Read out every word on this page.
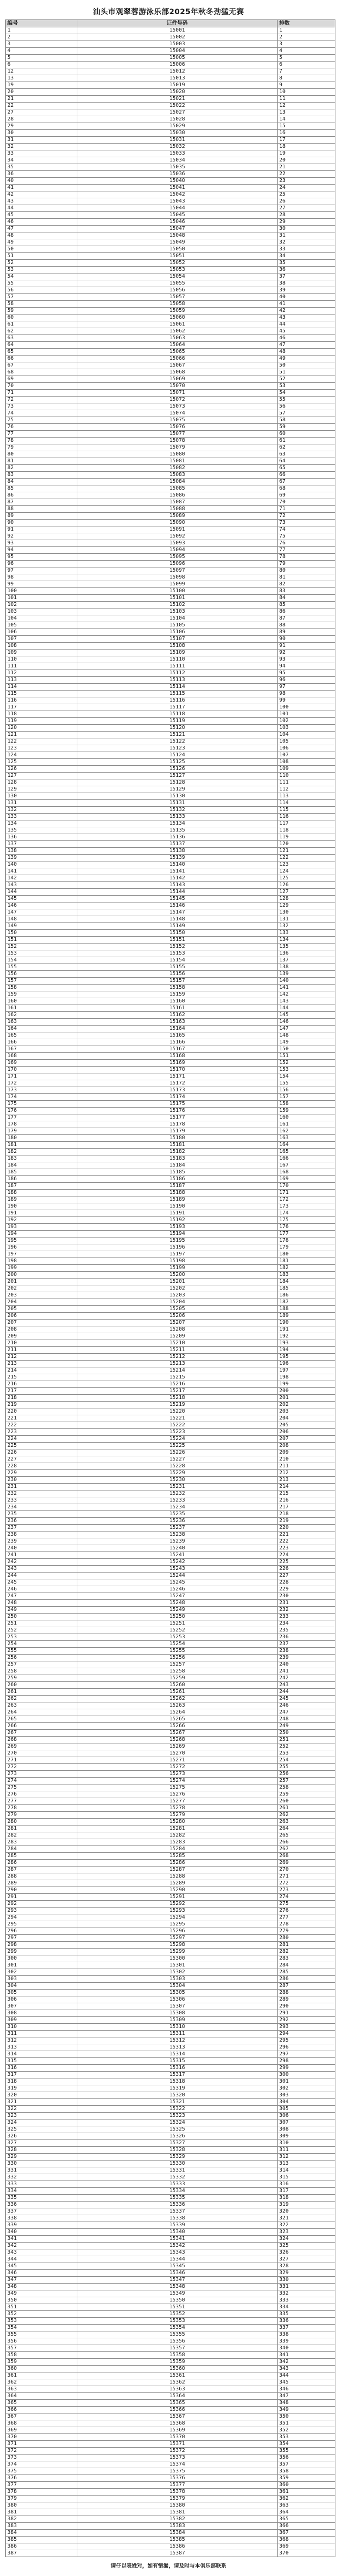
汕头市观翠蓉游泳乐部2025年秋冬劲猛无赛
编号	证件号码	排数
1	15001	1
2	15002	2
3	15003	3
4	15004	4
5	15005	5
6	15006	6
12	15012	7
13	15013	8
19	15019	9
20	15020	10
21	15021	11
22	15022	12
27	15027	13
28	15028	14
29	15029	15
30	15030	16
31	15031	17
32	15032	18
33	15033	19
34	15034	20
35	15035	21
36	15036	22
40	15040	23
41	15041	24
42	15042	25
43	15043	26
44	15044	27
45	15045	28
46	15046	29
47	15047	30
48	15048	31
49	15049	32
50	15050	33
51	15051	34
52	15052	35
53	15053	36
54	15054	37
55	15055	38
56	15056	39
57	15057	40
58	15058	41
59	15059	42
60	15060	43
61	15061	44
62	15062	45
63	15063	46
64	15064	47
65	15065	48
66	15066	49
67	15067	50
68	15068	51
69	15069	52
70	15070	53
71	15071	54
72	15072	55
73	15073	56
74	15074	57
75	15075	58
76	15076	59
77	15077	60
78	15078	61
79	15079	62
80	15080	63
81	15081	64
82	15082	65
83	15083	66
84	15084	67
85	15085	68
86	15086	69
87	15087	70
88	15088	71
89	15089	72
90	15090	73
91	15091	74
92	15092	75
93	15093	76
94	15094	77
95	15095	78
96	15096	79
97	15097	80
98	15098	81
99	15099	82
100	15100	83
101	15101	84
102	15102	85
103	15103	86
104	15104	87
105	15105	88
106	15106	89
107	15107	90
108	15108	91
109	15109	92
110	15110	93
111	15111	94
112	15112	95
113	15113	96
114	15114	97
115	15115	98
116	15116	99
117	15117	100
118	15118	101
119	15119	102
120	15120	103
121	15121	104
122	15122	105
123	15123	106
124	15124	107
125	15125	108
126	15126	109
127	15127	110
128	15128	111
129	15129	112
130	15130	113
131	15131	114
132	15132	115
133	15133	116
134	15134	117
135	15135	118
136	15136	119
137	15137	120
138	15138	121
139	15139	122
140	15140	123
141	15141	124
142	15142	125
143	15143	126
144	15144	127
145	15145	128
146	15146	129
147	15147	130
148	15148	131
149	15149	132
150	15150	133
151	15151	134
152	15152	135
153	15153	136
154	15154	137
155	15155	138
156	15156	139
157	15157	140
158	15158	141
159	15159	142
160	15160	143
161	15161	144
162	15162	145
163	15163	146
164	15164	147
165	15165	148
166	15166	149
167	15167	150
168	15168	151
169	15169	152
170	15170	153
171	15171	154
172	15172	155
173	15173	156
174	15174	157
175	15175	158
176	15176	159
177	15177	160
178	15178	161
179	15179	162
180	15180	163
181	15181	164
182	15182	165
183	15183	166
184	15184	167
185	15185	168
186	15186	169
187	15187	170
188	15188	171
189	15189	172
190	15190	173
191	15191	174
192	15192	175
193	15193	176
194	15194	177
195	15195	178
196	15196	179
197	15197	180
198	15198	181
199	15199	182
200	15200	183
201	15201	184
202	15202	185
203	15203	186
204	15204	187
205	15205	188
206	15206	189
207	15207	190
208	15208	191
209	15209	192
210	15210	193
211	15211	194
212	15212	195
213	15213	196
214	15214	197
215	15215	198
216	15216	199
217	15217	200
218	15218	201
219	15219	202
220	15220	203
221	15221	204
222	15222	205
223	15223	206
224	15224	207
225	15225	208
226	15226	209
227	15227	210
228	15228	211
229	15229	212
230	15230	213
231	15231	214
232	15232	215
233	15233	216
234	15234	217
235	15235	218
236	15236	219
237	15237	220
238	15238	221
239	15239	222
240	15240	223
241	15241	224
242	15242	225
243	15243	226
244	15244	227
245	15245	228
246	15246	229
247	15247	230
248	15248	231
249	15249	232
250	15250	233
251	15251	234
252	15252	235
253	15253	236
254	15254	237
255	15255	238
256	15256	239
257	15257	240
258	15258	241
259	15259	242
260	15260	243
261	15261	244
262	15262	245
263	15263	246
264	15264	247
265	15265	248
266	15266	249
267	15267	250
268	15268	251
269	15269	252
270	15270	253
271	15271	254
272	15272	255
273	15273	256
274	15274	257
275	15275	258
276	15276	259
277	15277	260
278	15278	261
279	15279	262
280	15280	263
281	15281	264
282	15282	265
283	15283	266
284	15284	267
285	15285	268
286	15286	269
287	15287	270
288	15288	271
289	15289	272
290	15290	273
291	15291	274
292	15292	275
293	15293	276
294	15294	277
295	15295	278
296	15296	279
297	15297	280
298	15298	281
299	15299	282
300	15300	283
301	15301	284
302	15302	285
303	15303	286
304	15304	287
305	15305	288
306	15306	289
307	15307	290
308	15308	291
309	15309	292
310	15310	293
311	15311	294
312	15312	295
313	15313	296
314	15314	297
315	15315	298
316	15316	299
317	15317	300
318	15318	301
319	15319	302
320	15320	303
321	15321	304
322	15322	305
323	15323	306
324	15324	307
325	15325	308
326	15326	309
327	15327	310
328	15328	311
329	15329	312
330	15330	313
331	15331	314
332	15332	315
333	15333	316
334	15334	317
335	15335	318
336	15336	319
337	15337	320
338	15338	321
339	15339	322
340	15340	323
341	15341	324
342	15342	325
343	15343	326
344	15344	327
345	15345	328
346	15346	329
347	15347	330
348	15348	331
349	15349	332
350	15350	333
351	15351	334
352	15352	335
353	15353	336
354	15354	337
355	15355	338
356	15356	339
357	15357	340
358	15358	341
359	15359	342
360	15360	343
361	15361	344
362	15362	345
363	15363	346
364	15364	347
365	15365	348
366	15366	349
367	15367	350
368	15368	351
369	15369	352
370	15370	353
371	15371	354
372	15372	355
373	15373	356
374	15374	357
375	15375	358
376	15376	359
377	15377	360
378	15378	361
379	15379	362
380	15380	363
381	15381	364
382	15382	365
383	15383	366
384	15384	367
385	15385	368
386	15386	369
387	15387	370
请仔以表姓对，如有错漏，请及时与本俱乐部联系
